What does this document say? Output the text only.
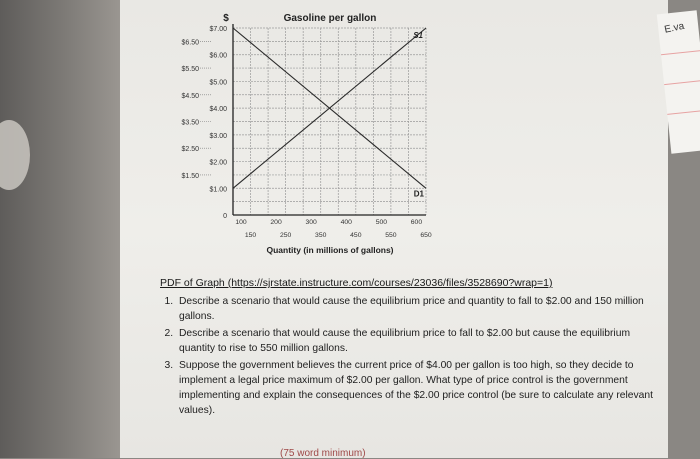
E.va
Gasoline per gallon
$
$7.00
$6.00
$5.00
$4.00
$3.00
$2.00
$1.00
0
$6.50
$5.50
$4.50
$3.50
$2.50
$1.50
100	200	300	400	500	600
150	250	350	450	550	650
Quantity (in millions of gallons)
S1
D1
PDF of Graph (https://sjrstate.instructure.com/courses/23036/files/3528690?wrap=1)
1. Describe a scenario that would cause the equilibrium price and quantity to fall to $2.00 and 150 million gallons.
2. Describe a scenario that would cause the equilibrium price to fall to $2.00 but cause the equilibrium quantity to rise to 550 million gallons.
3. Suppose the government believes the current price of $4.00 per gallon is too high, so they decide to implement a legal price maximum of $2.00 per gallon. What type of price control is the government implementing and explain the consequences of the $2.00 price control (be sure to calculate any relevant values).
(75 word minimum)
